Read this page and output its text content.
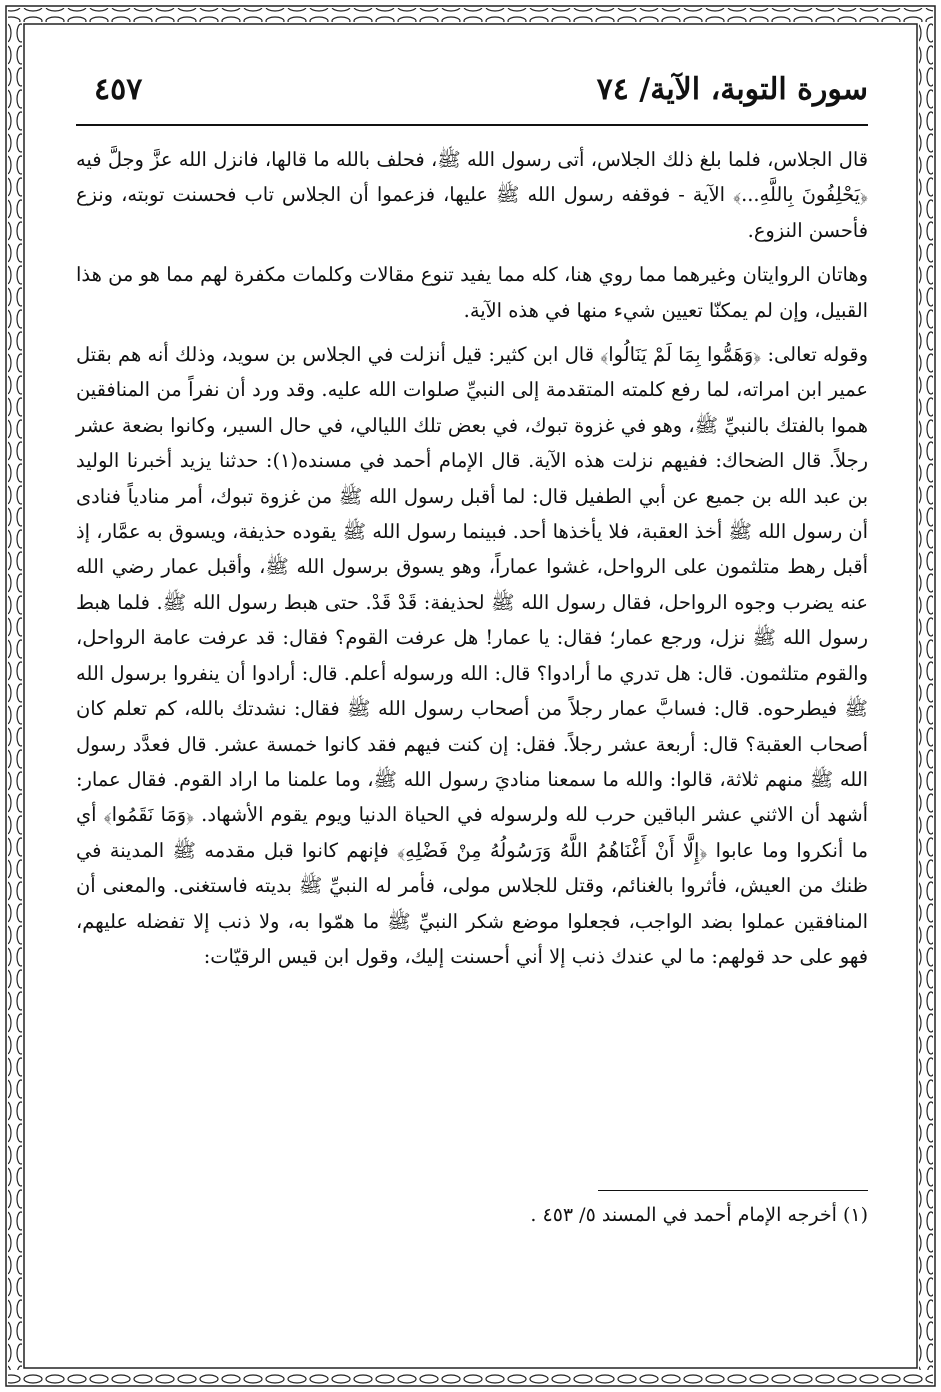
سورة التوبة، الآية/ ٧٤
٤٥٧

قال الجلاس، فلما بلغ ذلك الجلاس، أتى رسول الله ﷺ، فحلف بالله ما قالها، فانزل الله عزَّ وجلَّ فيه ﴿يَحْلِفُونَ بِاللَّهِ...﴾ الآية - فوقفه رسول الله ﷺ عليها، فزعموا أن الجلاس تاب فحسنت توبته، ونزع فأحسن النزوع.

وهاتان الروايتان وغيرهما مما روي هنا، كله مما يفيد تنوع مقالات وكلمات مكفرة لهم مما هو من هذا القبيل، وإن لم يمكنّا تعيين شيء منها في هذه الآية.

وقوله تعالى: ﴿وَهَمُّوا بِمَا لَمْ يَنَالُوا﴾ قال ابن كثير: قيل أنزلت في الجلاس بن سويد، وذلك أنه هم بقتل عمير ابن امراته، لما رفع كلمته المتقدمة إلى النبيِّ صلوات الله عليه. وقد ورد أن نفراً من المنافقين هموا بالفتك بالنبيِّ ﷺ، وهو في غزوة تبوك، في بعض تلك الليالي، في حال السير، وكانوا بضعة عشر رجلاً. قال الضحاك: ففيهم نزلت هذه الآية. قال الإمام أحمد في مسنده(١): حدثنا يزيد أخبرنا الوليد بن عبد الله بن جميع عن أبي الطفيل قال: لما أقبل رسول الله ﷺ من غزوة تبوك، أمر منادياً فنادى أن رسول الله ﷺ أخذ العقبة، فلا يأخذها أحد. فبينما رسول الله ﷺ يقوده حذيفة، ويسوق به عمَّار، إذ أقبل رهط متلثمون على الرواحل، غشوا عماراً، وهو يسوق برسول الله ﷺ، وأقبل عمار رضي الله عنه يضرب وجوه الرواحل، فقال رسول الله ﷺ لحذيفة: قَدْ قَدْ. حتى هبط رسول الله ﷺ. فلما هبط رسول الله ﷺ نزل، ورجع عمار؛ فقال: يا عمار! هل عرفت القوم؟ فقال: قد عرفت عامة الرواحل، والقوم متلثمون. قال: هل تدري ما أرادوا؟ قال: الله ورسوله أعلم. قال: أرادوا أن ينفروا برسول الله ﷺ فيطرحوه. قال: فسابَّ عمار رجلاً من أصحاب رسول الله ﷺ فقال: نشدتك بالله، كم تعلم كان أصحاب العقبة؟ قال: أربعة عشر رجلاً. فقل: إن كنت فيهم فقد كانوا خمسة عشر. قال فعدَّد رسول الله ﷺ منهم ثلاثة، قالوا: والله ما سمعنا مناديَ رسول الله ﷺ، وما علمنا ما اراد القوم. فقال عمار: أشهد أن الاثني عشر الباقين حرب لله ولرسوله في الحياة الدنيا ويوم يقوم الأشهاد. ﴿وَمَا نَقَمُوا﴾ أي ما أنكروا وما عابوا ﴿إِلَّا أَنْ أَغْنَاهُمُ اللَّهُ وَرَسُولُهُ مِنْ فَضْلِهِ﴾ فإنهم كانوا قبل مقدمه ﷺ المدينة في ظنك من العيش، فأثروا بالغنائم، وقتل للجلاس مولى، فأمر له النبيِّ ﷺ بديته فاستغنى. والمعنى أن المنافقين عملوا بضد الواجب، فجعلوا موضع شكر النبيِّ ﷺ ما همّوا به، ولا ذنب إلا تفضله عليهم، فهو على حد قولهم: ما لي عندك ذنب إلا أني أحسنت إليك، وقول ابن قيس الرقيّات:

(١) أخرجه الإمام أحمد في المسند ٥/ ٤٥٣ .
